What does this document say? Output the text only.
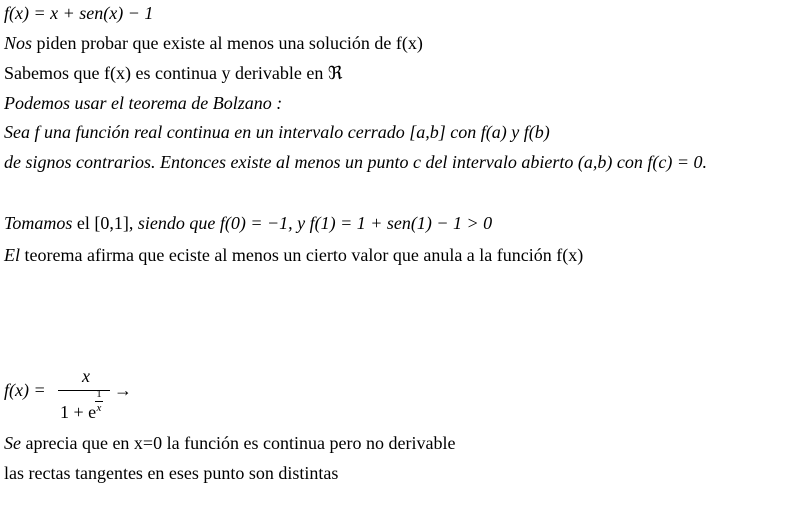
f(x) = x + sen(x) − 1
Nos piden probar que existe al menos una solución de f(x)
Sabemos que f(x) es continua y derivable en ℜ
Podemos usar el teorema de Bolzano :
Sea f una función real continua en un intervalo cerrado [a,b] con f(a) y f(b)
de signos contrarios. Entonces existe al menos un punto c del intervalo abierto (a,b) con f(c) = 0.
Tomamos el [0,1], siendo que f(0) = −1, y f(1) = 1 + sen(1) − 1 > 0
El teorema afirma que eciste al menos un cierto valor que anula a la función f(x)
f(x) =
x
1 + e
1
x
→
Se aprecia que en x=0 la función es continua pero no derivable
las rectas tangentes en eses punto son distintas
